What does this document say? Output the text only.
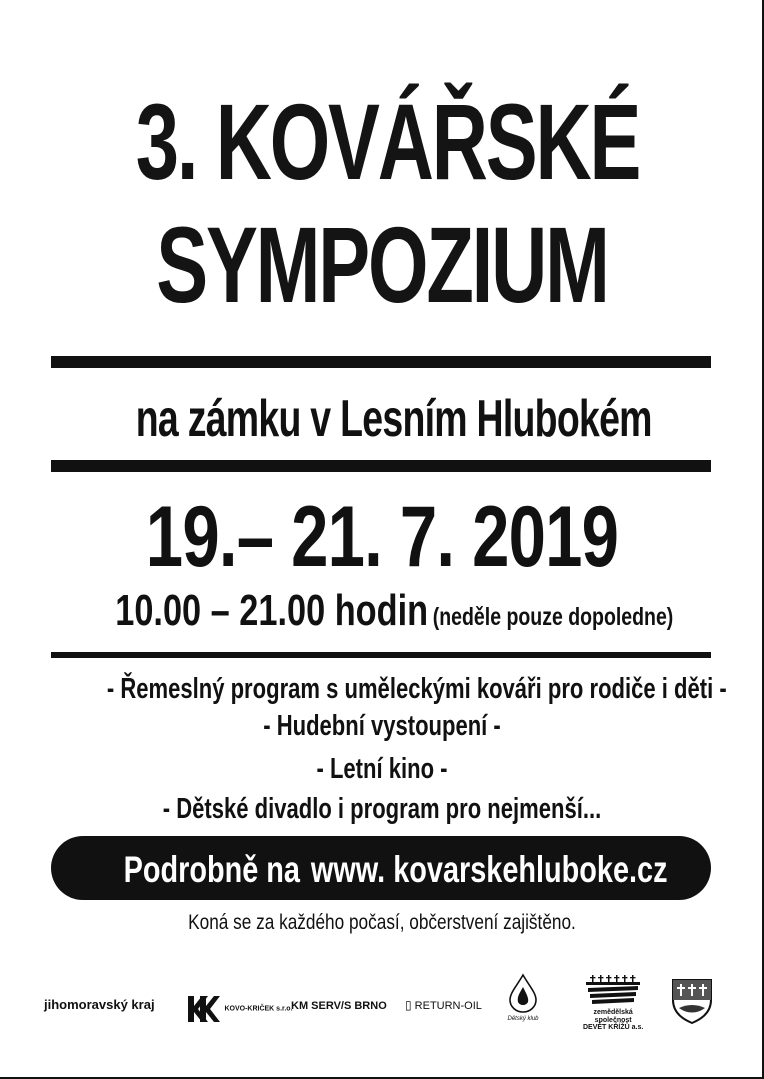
3. KOVÁŘSKÉ
SYMPOZIUM
na zámku v Lesním Hlubokém
19.– 21. 7. 2019
10.00 – 21.00 hodin (neděle pouze dopoledne)
- Řemeslný program s uměleckými kováři pro rodiče i děti -
- Hudební vystoupení -
- Letní kino -
- Dětské divadlo i program pro nejmenší...
Podrobně na www. kovarskehluboke.cz
Koná se za každého počasí, občerstvení zajištěno.
jihomoravský kraj	KOVO-KRIČEK s.r.o.
KM SERV/S BRNO ▯ RETURN-OIL
Dětský klub
zemědělská
společnost
DEVĚT KŘÍŽŮ a.s.
